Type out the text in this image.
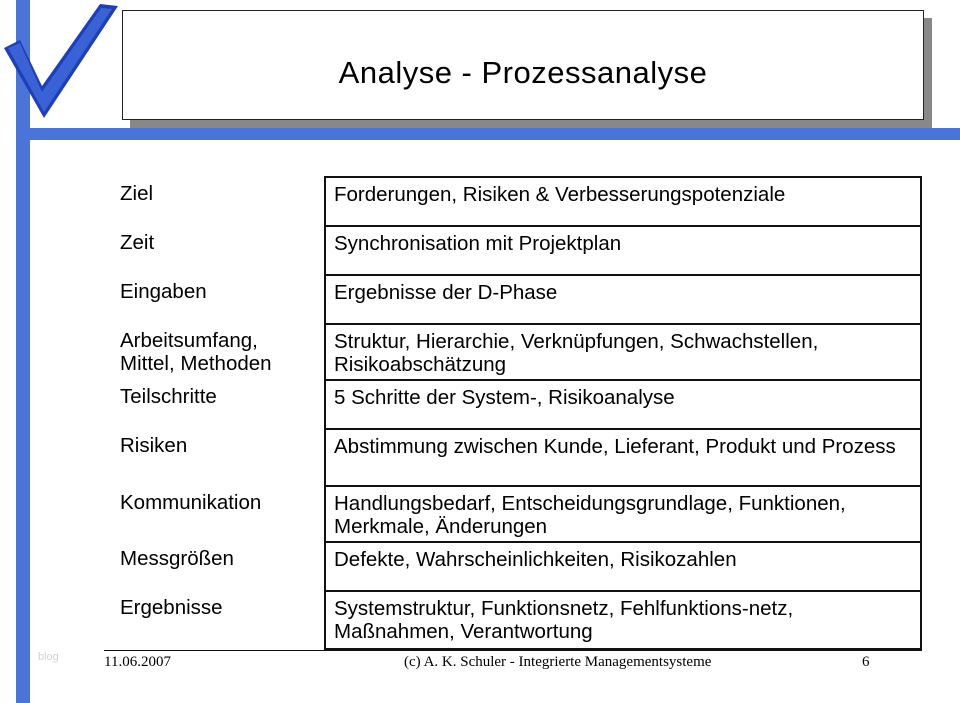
Analyse - Prozessanalyse
Ziel	Forderungen, Risiken & Verbesserungspotenziale
Zeit	Synchronisation mit Projektplan
Eingaben	Ergebnisse der D-Phase
Arbeitsumfang, Mittel, Methoden	Struktur, Hierarchie, Verknüpfungen, Schwachstellen, Risikoabschätzung
Teilschritte	5 Schritte der System-, Risikoanalyse
Risiken	Abstimmung zwischen Kunde, Lieferant, Produkt und Prozess
Kommunikation	Handlungsbedarf, Entscheidungsgrundlage, Funktionen, Merkmale, Änderungen
Messgrößen	Defekte, Wahrscheinlichkeiten, Risikozahlen
Ergebnisse	Systemstruktur, Funktionsnetz, Fehlfunktions-netz, Maßnahmen, Verantwortung
blog	11.06.2007	(c) A. K. Schuler - Integrierte Managementsysteme	6
